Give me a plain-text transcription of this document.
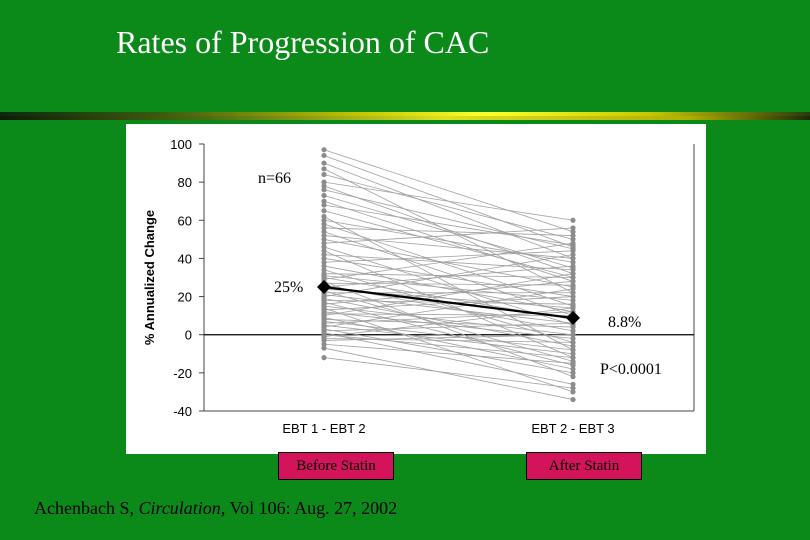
Rates of Progression of CAC
100
80
60
40
20
0
-20
-40
% Annualized Change
EBT 1 - EBT 2	EBT 2 - EBT 3
n=66
25%
8.8%
P<0.0001
Before Statin	After Statin
Achenbach S, Circulation, Vol 106: Aug. 27, 2002
